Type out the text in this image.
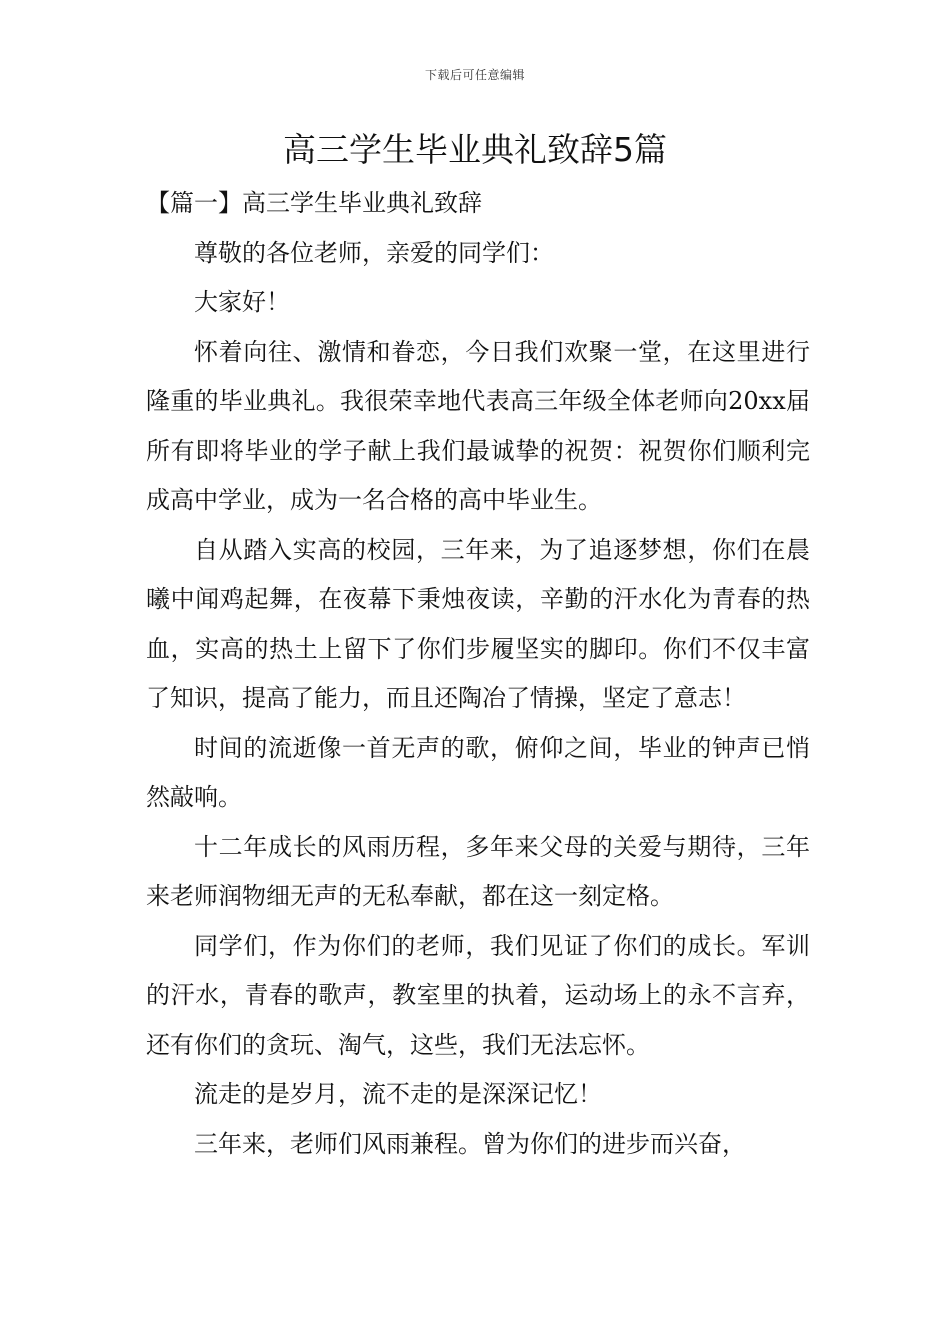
下载后可任意编辑
高三学生毕业典礼致辞5篇
【篇一】高三学生毕业典礼致辞

尊敬的各位老师，亲爱的同学们：

大家好！

怀着向往、激情和眷恋，今日我们欢聚一堂，在这里进行隆重的毕业典礼。我很荣幸地代表高三年级全体老师向20xx届所有即将毕业的学子献上我们最诚挚的祝贺：祝贺你们顺利完成高中学业，成为一名合格的高中毕业生。

自从踏入实高的校园，三年来，为了追逐梦想，你们在晨曦中闻鸡起舞，在夜幕下秉烛夜读，辛勤的汗水化为青春的热血，实高的热土上留下了你们步履坚实的脚印。你们不仅丰富了知识，提高了能力，而且还陶冶了情操，坚定了意志！

时间的流逝像一首无声的歌，俯仰之间，毕业的钟声已悄然敲响。

十二年成长的风雨历程，多年来父母的关爱与期待，三年来老师润物细无声的无私奉献，都在这一刻定格。

同学们，作为你们的老师，我们见证了你们的成长。军训的汗水，青春的歌声，教室里的执着，运动场上的永不言弃，还有你们的贪玩、淘气，这些，我们无法忘怀。

流走的是岁月，流不走的是深深记忆！

三年来，老师们风雨兼程。曾为你们的进步而兴奋，
